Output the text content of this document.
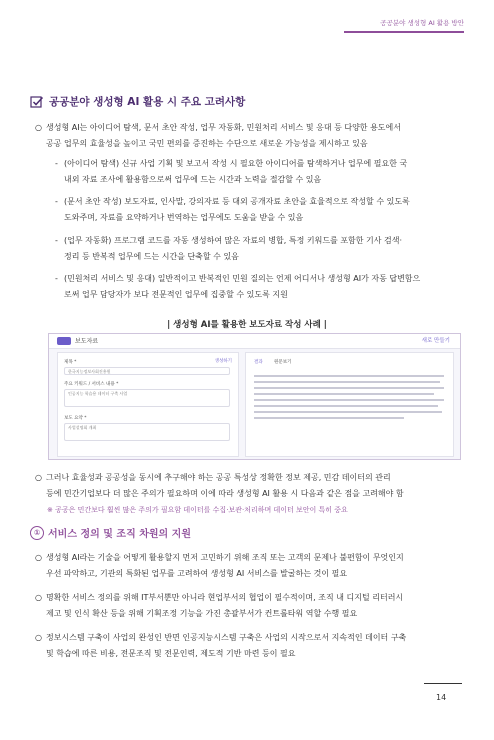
공공분야 생성형 AI 활용 방안
공공분야 생성형 AI 활용 시 주요 고려사항
○ 생성형 AI는 아이디어 탐색, 문서 초안 작성, 업무 자동화, 민원처리 서비스 및 응대 등 다양한 용도에서
공공 업무의 효율성을 높이고 국민 편의를 증진하는 수단으로 새로운 가능성을 제시하고 있음
- (아이디어 탐색) 신규 사업 기획 및 보고서 작성 시 필요한 아이디어를 탐색하거나 업무에 필요한 국
내외 자료 조사에 활용함으로써 업무에 드는 시간과 노력을 절감할 수 있음
- (문서 초안 작성) 보도자료, 인사말, 강의자료 등 대외 공개자료 초안을 효율적으로 작성할 수 있도록
도와주며, 자료를 요약하거나 번역하는 업무에도 도움을 받을 수 있음
- (업무 자동화) 프로그램 코드를 자동 생성하여 많은 자료의 병합, 특정 키워드를 포함한 기사 검색·
정리 등 반복적 업무에 드는 시간을 단축할 수 있음
- (민원처리 서비스 및 응대) 일반적이고 반복적인 민원 질의는 언제 어디서나 생성형 AI가 자동 답변함으
로써 업무 담당자가 보다 전문적인 업무에 집중할 수 있도록 지원
| 생성형 AI를 활용한 보도자료 작성 사례 |
보도자료	새로 만들기
생성하기
제목 *
한국지능정보사회진흥원
주요 키워드 / 서비스 내용 *
인공지능 학습용 데이터 구축 사업
보도 요약 *
사업설명회 개최
결과	원문보기
○ 그러나 효율성과 공공성을 동시에 추구해야 하는 공공 특성상 정확한 정보 제공, 민감 데이터의 관리
등에 민간기업보다 더 많은 주의가 필요하며 이에 따라 생성형 AI 활용 시 다음과 같은 점을 고려해야 함
※ 공공은 민간보다 훨씬 많은 주의가 필요함 데이터를 수집·보관·처리하며 데이터 보안이 특히 중요
① 서비스 정의 및 조직 차원의 지원
○ 생성형 AI라는 기술을 어떻게 활용할지 먼저 고민하기 위해 조직 또는 고객의 문제나 불편함이 무엇인지
우선 파악하고, 기관의 특화된 업무를 고려하여 생성형 AI 서비스를 발굴하는 것이 필요
○ 명확한 서비스 정의를 위해 IT부서뿐만 아니라 현업부서의 협업이 필수적이며, 조직 내 디지털 리터러시
제고 및 인식 확산 등을 위해 기획조정 기능을 가진 총괄부서가 컨트롤타워 역할 수행 필요
○ 정보시스템 구축이 사업의 완성인 반면 인공지능시스템 구축은 사업의 시작으로서 지속적인 데이터 구축
및 학습에 따른 비용, 전문조직 및 전문인력, 제도적 기반 마련 등이 필요
14
